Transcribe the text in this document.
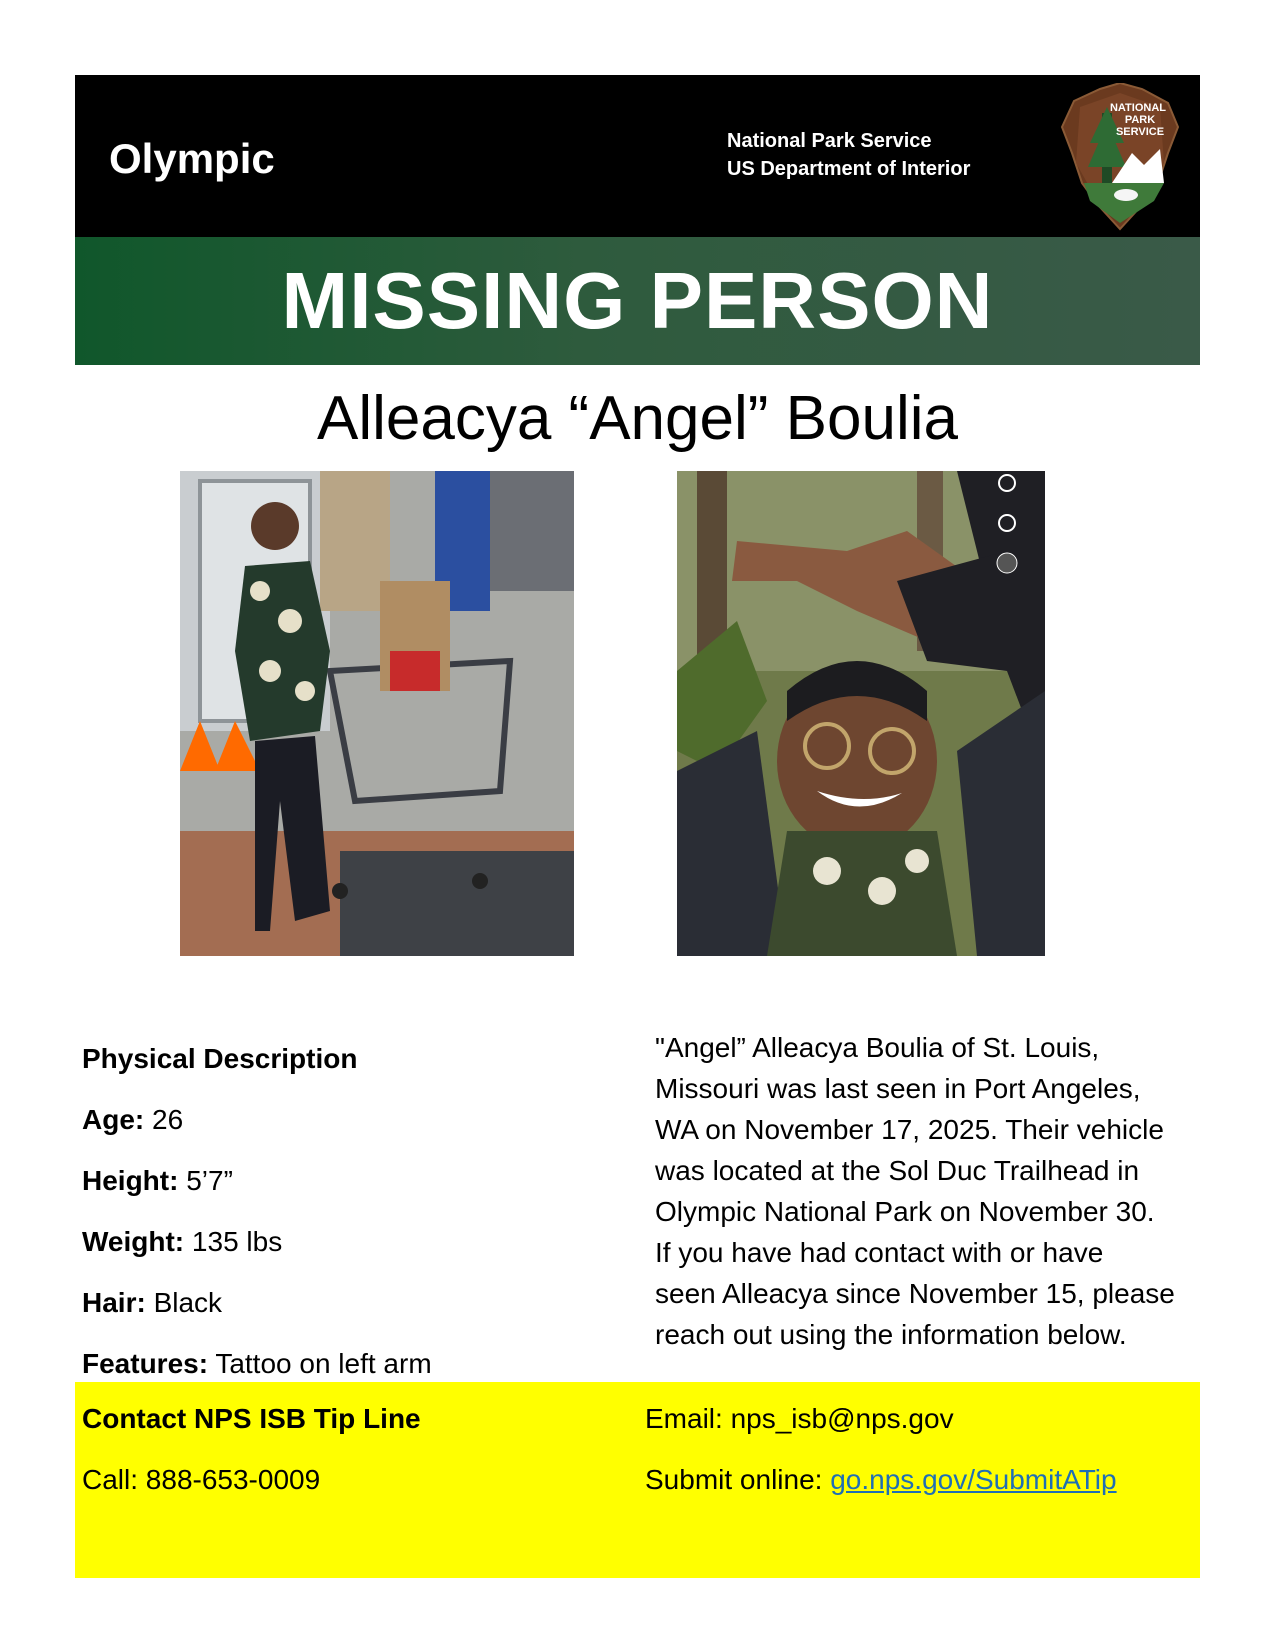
Olympic	National Park Service
US Department of Interior
NATIONAL
PARK
SERVICE
MISSING PERSON
Alleacya “Angel” Boulia
Physical Description
Age: 26
Height: 5’7”
Weight: 135 lbs
Hair: Black
Features: Tattoo on left arm
"Angel” Alleacya Boulia of St. Louis,
Missouri was last seen in Port Angeles,
WA on November 17, 2025. Their vehicle
was located at the Sol Duc Trailhead in
Olympic National Park on November 30.
If you have had contact with or have
seen Alleacya since November 15, please
reach out using the information below.
Contact NPS ISB Tip Line
Call: 888-653-0009
Email: nps_isb@nps.gov
Submit online: go.nps.gov/SubmitATip
